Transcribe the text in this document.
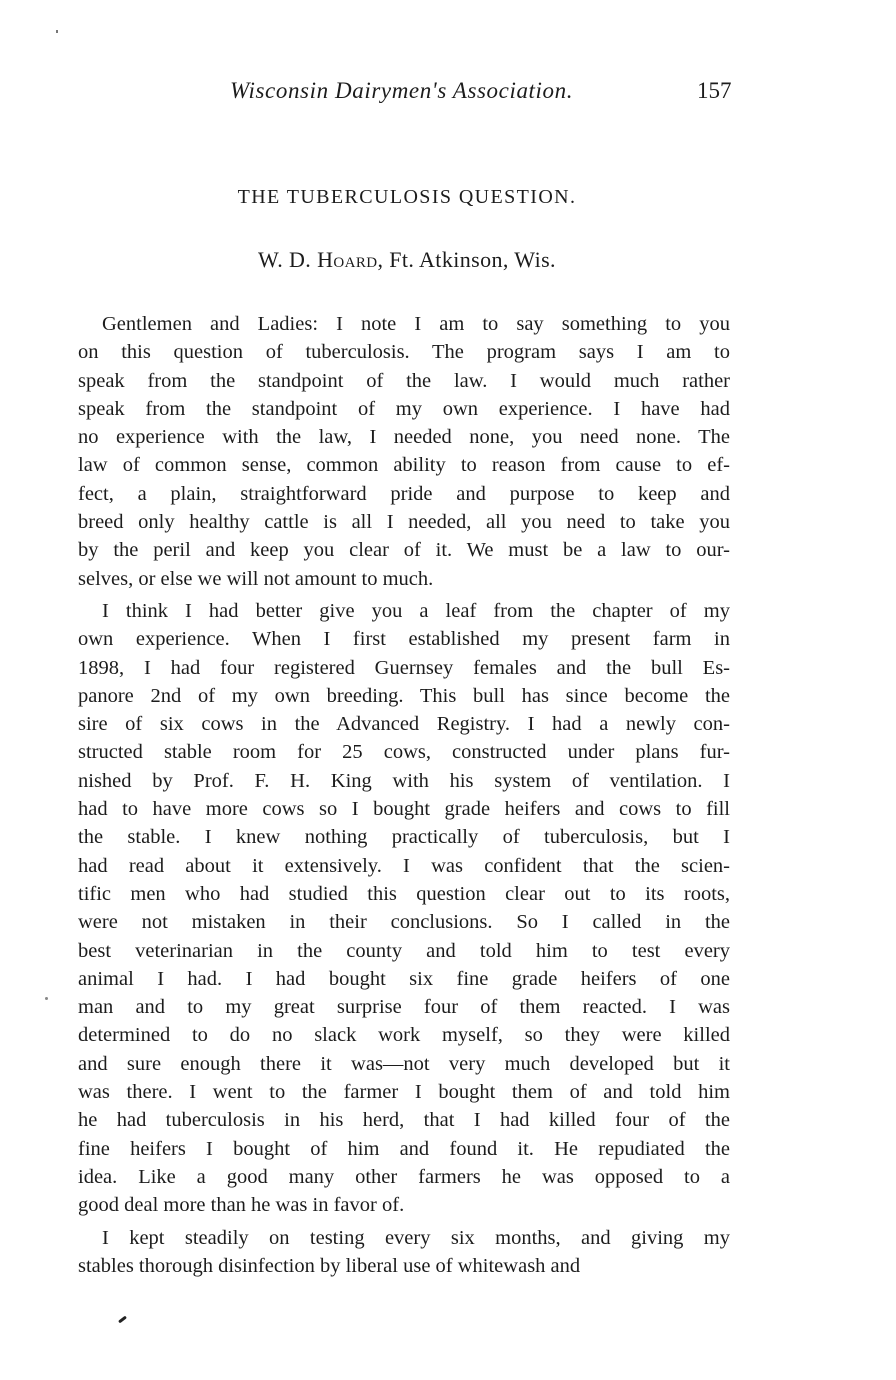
Wisconsin Dairymen's Association.	157
THE TUBERCULOSIS QUESTION.
W. D. Hoard, Ft. Atkinson, Wis.
Gentlemen and Ladies: I note I am to say something to you
on this question of tuberculosis. The program says I am to
speak from the standpoint of the law. I would much rather
speak from the standpoint of my own experience. I have had
no experience with the law, I needed none, you need none. The
law of common sense, common ability to reason from cause to ef-
fect, a plain, straightforward pride and purpose to keep and
breed only healthy cattle is all I needed, all you need to take you
by the peril and keep you clear of it. We must be a law to our-
selves, or else we will not amount to much.
I think I had better give you a leaf from the chapter of my
own experience. When I first established my present farm in
1898, I had four registered Guernsey females and the bull Es-
panore 2nd of my own breeding. This bull has since become the
sire of six cows in the Advanced Registry. I had a newly con-
structed stable room for 25 cows, constructed under plans fur-
nished by Prof. F. H. King with his system of ventilation. I
had to have more cows so I bought grade heifers and cows to fill
the stable. I knew nothing practically of tuberculosis, but I
had read about it extensively. I was confident that the scien-
tific men who had studied this question clear out to its roots,
were not mistaken in their conclusions. So I called in the
best veterinarian in the county and told him to test every
animal I had. I had bought six fine grade heifers of one
man and to my great surprise four of them reacted. I was
determined to do no slack work myself, so they were killed
and sure enough there it was—not very much developed but it
was there. I went to the farmer I bought them of and told him
he had tuberculosis in his herd, that I had killed four of the
fine heifers I bought of him and found it. He repudiated the
idea. Like a good many other farmers he was opposed to a
good deal more than he was in favor of.
I kept steadily on testing every six months, and giving my
stables thorough disinfection by liberal use of whitewash and
